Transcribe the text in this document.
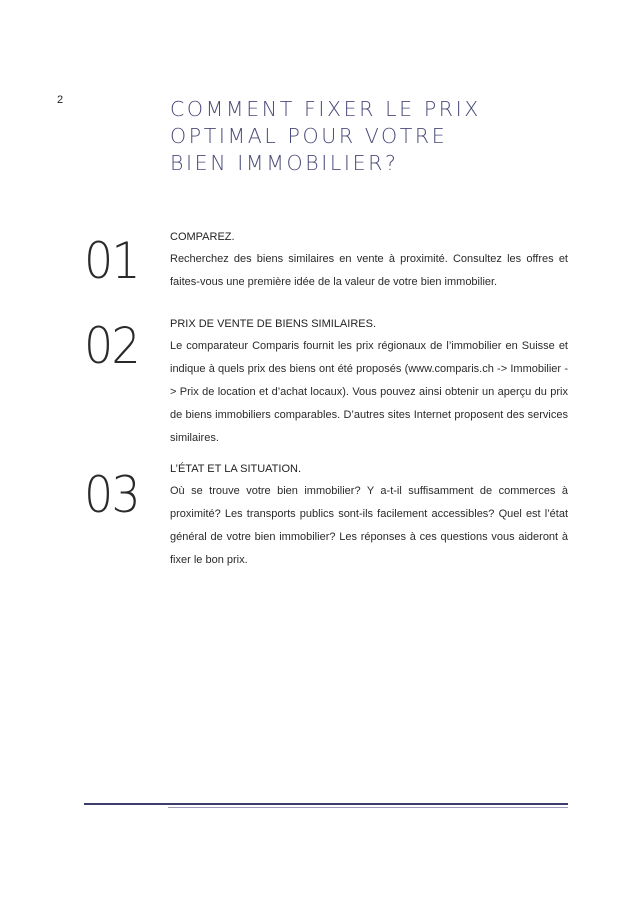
2	COMMENT FIXER LE PRIX
OPTIMAL POUR VOTRE
BIEN IMMOBILIER?
01	COMPAREZ.

Recherchez des biens similaires en vente à proximité. Consultez les offres et faites-vous une première idée de la valeur de votre bien immobilier.

02	PRIX DE VENTE DE BIENS SIMILAIRES.

Le comparateur Comparis fournit les prix régionaux de l’immobilier en Suisse et indique à quels prix des biens ont été proposés (www.comparis.ch -> Immobilier -> Prix de location et d’achat locaux). Vous pouvez ainsi obtenir un aperçu du prix de biens immobiliers comparables. D’autres sites Internet proposent des services similaires.

03	L’ÉTAT ET LA SITUATION.

Où se trouve votre bien immobilier? Y a-t-il suffisamment de commerces à proximité? Les transports publics sont-ils facilement accessibles? Quel est l’état général de votre bien immobilier? Les réponses à ces questions vous aideront à fixer le bon prix.
